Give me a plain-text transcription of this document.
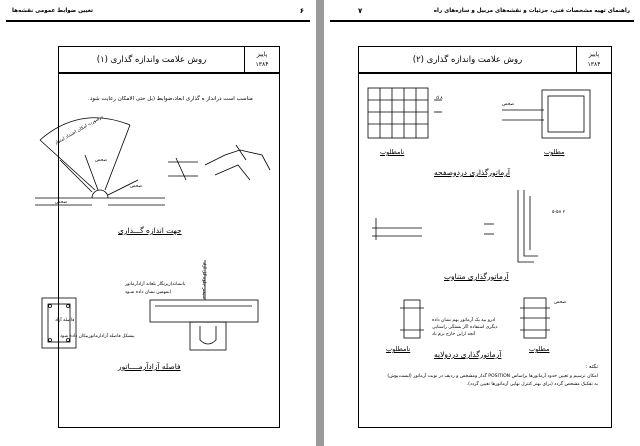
تعیین ضوابط عمومی نقشه‌ها	۶
روش علامت واندازه گذاری (۱)
پاییز
۱۳۸۴
مناسب است درانداز ه گذاری ابعاد،ضوابط (بل حتی الامکان رعایت شود.
درصورت امکان اضنداد امتداد
ضحص
ضحص
ضحص
جهت اندازه گـــذاری
بانشانه(زیرنگار بلعانه آزادآرماتور
(بمهمین نشان داده شـود
فاصله آزاد
بیشکل فاصله آزادارماتوربیکان داده شود
شیمتر جلوه گل آزاد
فاصله آزادآرمــــاتور
۷	راهنمای تهیه مشخصات فنی، جزئیات و نقشه‌های مربیل و سازه‌های راه
روش علامت واندازه گذاری (۲)
پاییز
۱۳۸۴
۸ d
ضحص
۲ ۵-۵e
ادرو بیه یک آرماتور بهم نشان داده
دیگری استفاده اگر بستگی راستایی
آنجه اراین خارج نرم باد
ضحص
نامطلوب	مطلوب
آرماتورگذاری دردوصفحه
آرماتورگذاری متناوب
نامطلوب	مطلوب
آرماتورگذاری دردولایه
نکته :
امکان ترسیم و تعیین حدود آرماتورها براساس POSITION گذار ومشخص و ردیف در نوبت آرماتور (لیست‌پوش)
به تفکیک مشخص گردد (برای بهتر کنترل نهایی آرماتورها تعیین گردد).
